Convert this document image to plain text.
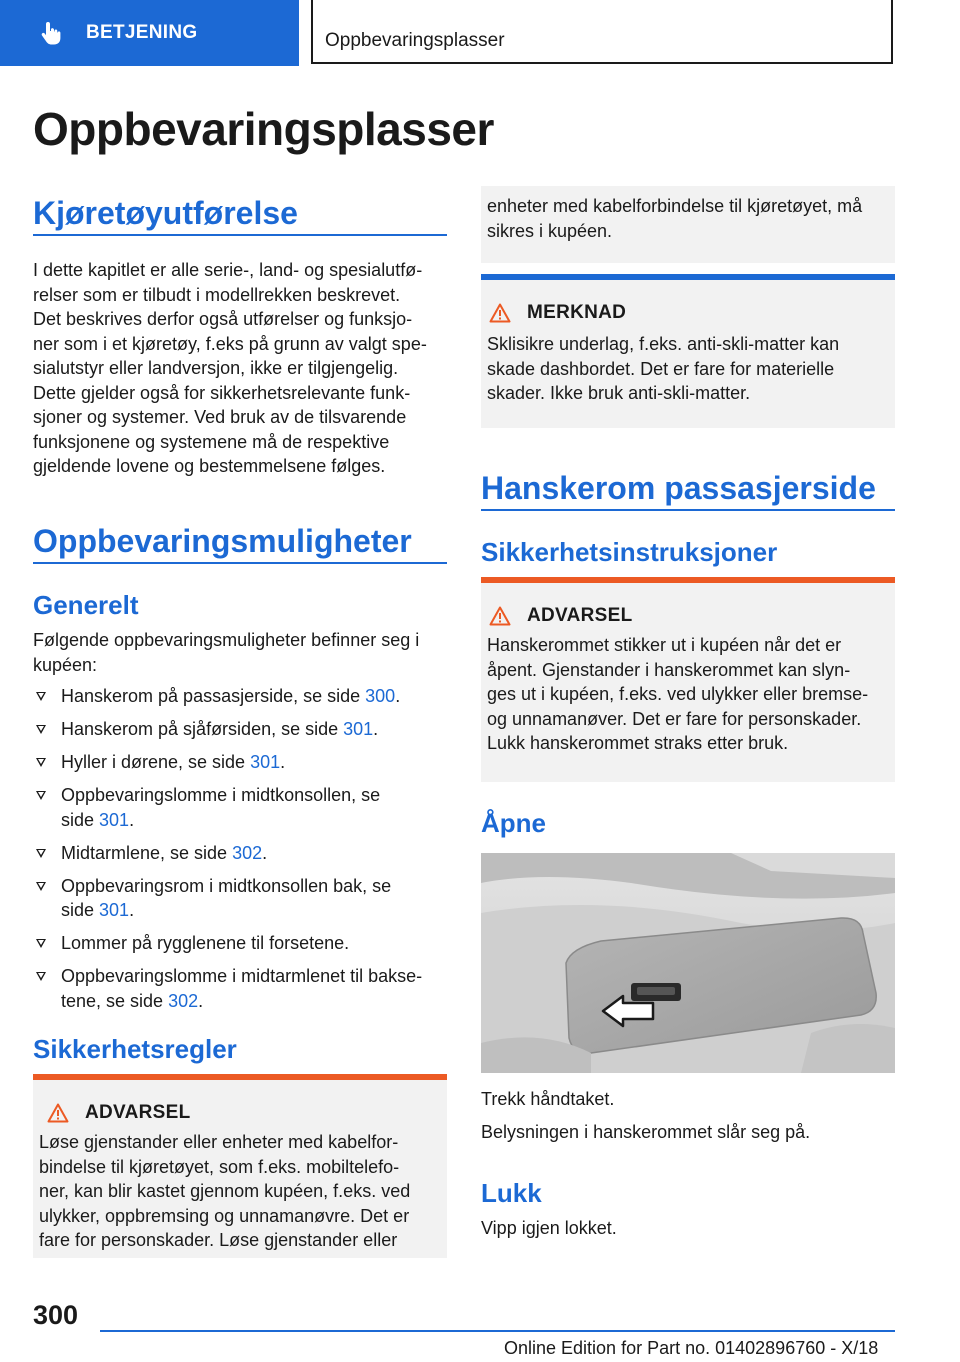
BETJENING	Oppbevaringsplasser
Oppbevaringsplasser
Kjøretøyutførelse
I dette kapitlet er alle serie-, land- og spesialutfø-
relser som er tilbudt i modellrekken beskrevet.
Det beskrives derfor også utførelser og funksjo-
ner som i et kjøretøy, f.eks på grunn av valgt spe-
sialutstyr eller landversjon, ikke er tilgjengelig.
Dette gjelder også for sikkerhetsrelevante funk-
sjoner og systemer. Ved bruk av de tilsvarende
funksjonene og systemene må de respektive
gjeldende lovene og bestemmelsene følges.
Oppbevaringsmuligheter
Generelt
Følgende oppbevaringsmuligheter befinner seg i
kupéen:
Hanskerom på passasjerside, se side 300.
Hanskerom på sjåførsiden, se side 301.
Hyller i dørene, se side 301.
Oppbevaringslomme i midtkonsollen, se
side 301.
Midtarmlene, se side 302.
Oppbevaringsrom i midtkonsollen bak, se
side 301.
Lommer på rygglenene til forsetene.
Oppbevaringslomme i midtarmlenet til bakse-
tene, se side 302.
Sikkerhetsregler
ADVARSEL
Løse gjenstander eller enheter med kabelfor-
bindelse til kjøretøyet, som f.eks. mobiltelefo-
ner, kan blir kastet gjennom kupéen, f.eks. ved
ulykker, oppbremsing og unnamanøvre. Det er
fare for personskader. Løse gjenstander eller
enheter med kabelforbindelse til kjøretøyet, må
sikres i kupéen.
MERKNAD
Sklisikre underlag, f.eks. anti-skli-matter kan
skade dashbordet. Det er fare for materielle
skader. Ikke bruk anti-skli-matter.
Hanskerom passasjerside
Sikkerhetsinstruksjoner
ADVARSEL
Hanskerommet stikker ut i kupéen når det er
åpent. Gjenstander i hanskerommet kan slyn-
ges ut i kupéen, f.eks. ved ulykker eller bremse-
og unnamanøver. Det er fare for personskader.
Lukk hanskerommet straks etter bruk.
Åpne
Trekk håndtaket.
Belysningen i hanskerommet slår seg på.
Lukk
Vipp igjen lokket.
300
Online Edition for Part no. 01402896760 - X/18
